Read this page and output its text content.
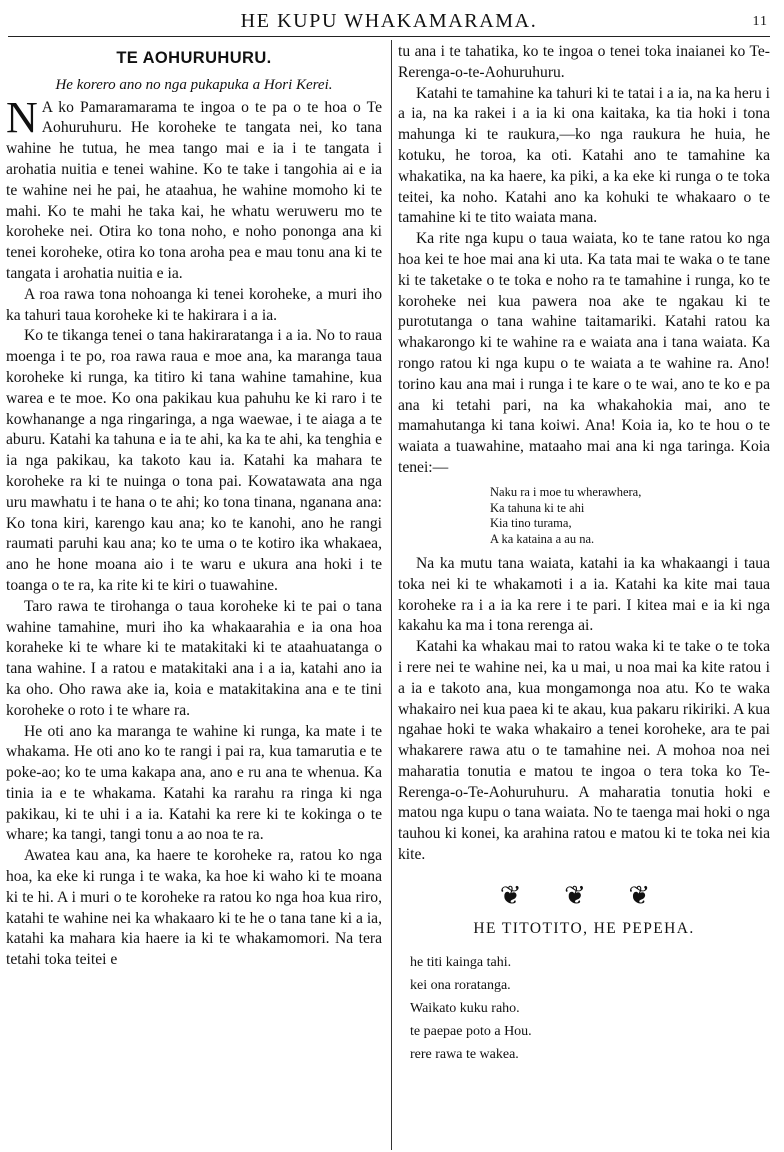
HE KUPU WHAKAMARAMA.	11
TE AOHURUHURU.
He korero ano no nga pukapuka a Hori Kerei.

N A ko Pamaramarama te ingoa o te pa o te hoa o Te Aohuruhuru. He koroheke te tangata nei, ko tana wahine he tutua, he mea tango mai e ia i te tangata i arohatia nuitia e tenei wahine. Ko te take i tangohia ai e ia te wahine nei he pai, he ataahua, he wahine momoho ki te mahi. Ko te mahi he taka kai, he whatu weruweru mo te koroheke nei. Otira ko tona noho, e noho pononga ana ki tenei koroheke, otira ko tona aroha pea e mau tonu ana ki te tangata i arohatia nuitia e ia.

A roa rawa tona nohoanga ki tenei koroheke, a muri iho ka tahuri taua koroheke ki te hakirara i a ia.

Ko te tikanga tenei o tana hakiraratanga i a ia. No to raua moenga i te po, roa rawa raua e moe ana, ka maranga taua koroheke ki runga, ka titiro ki tana wahine tamahine, kua warea e te moe. Ko ona pakikau kua pahuhu ke ki raro i te kowhanange a nga ringaringa, a nga waewae, i te aiaga a te aburu. Katahi ka tahuna e ia te ahi, ka ka te ahi, ka tenghia e ia nga pakikau, ka takoto kau ia. Katahi ka mahara te koroheke ra ki te nuinga o tona pai. Kowatawata ana nga uru mawhatu i te hana o te ahi; ko tona tinana, nganana ana: Ko tona kiri, karengo kau ana; ko te kanohi, ano he rangi raumati paruhi kau ana; ko te uma o te kotiro ika whakaea, ano he hone moana aio i te waru e ukura ana hoki i te toanga o te ra, ka rite ki te kiri o tuawahine.

Taro rawa te tirohanga o taua koroheke ki te pai o tana wahine tamahine, muri iho ka whakaarahia e ia ona hoa koraheke ki te whare ki te matakitaki ki te ataahuatanga o tana wahine. I a ratou e matakitaki ana i a ia, katahi ano ia ka oho. Oho rawa ake ia, koia e matakitakina ana e te tini koroheke o roto i te whare ra.

He oti ano ka maranga te wahine ki runga, ka mate i te whakama. He oti ano ko te rangi i pai ra, kua tamarutia e te poke-ao; ko te uma kakapa ana, ano e ru ana te whenua. Ka tinia ia e te whakama. Katahi ka rarahu ra ringa ki nga pakikau, ki te uhi i a ia. Katahi ka rere ki te kokinga o te whare; ka tangi, tangi tonu a ao noa te ra.

Awatea kau ana, ka haere te koroheke ra, ratou ko nga hoa, ka eke ki runga i te waka, ka hoe ki waho ki te moana ki te hi. A i muri o te koroheke ra ratou ko nga hoa kua riro, katahi te wahine nei ka whakaaro ki te he o tana tane ki a ia, katahi ka mahara kia haere ia ki te whakamomori. Na tera tetahi toka teitei e

tu ana i te tahatika, ko te ingoa o tenei toka inaianei ko Te-Rerenga-o-te-Aohuruhuru.

Katahi te tamahine ka tahuri ki te tatai i a ia, na ka heru i a ia, na ka rakei i a ia ki ona kaitaka, ka tia hoki i tona mahunga ki te raukura,—ko nga raukura he huia, he kotuku, he toroa, ka oti. Katahi ano te tamahine ka whakatika, na ka haere, ka piki, a ka eke ki runga o te toka teitei, ka noho. Katahi ano ka kohuki te whakaaro o te tamahine ki te tito waiata mana.

Ka rite nga kupu o taua waiata, ko te tane ratou ko nga hoa kei te hoe mai ana ki uta. Ka tata mai te waka o te tane ki te taketake o te toka e noho ra te tamahine i runga, ko te koroheke nei kua pawera noa ake te ngakau ki te purotutanga o tana wahine taitamariki. Katahi ratou ka whakarongo ki te wahine ra e waiata ana i tana waiata. Ka rongo ratou ki nga kupu o te waiata a te wahine ra. Ano! torino kau ana mai i runga i te kare o te wai, ano te ko e pa ana ki tetahi pari, na ka whakahokia mai, ano te mamahutanga ki tana koiwi. Ana! Koia ia, ko te hou o te waiata a tuawahine, mataaho mai ana ki nga taringa. Koia tenei:—

Naku ra i moe tu wherawhera,
Ka tahuna ki te ahi
Kia tino turama,
A ka kataina a au na.

Na ka mutu tana waiata, katahi ia ka whakaangi i taua toka nei ki te whakamoti i a ia. Katahi ka kite mai taua koroheke ra i a ia ka rere i te pari. I kitea mai e ia ki nga kakahu ka ma i tona rerenga ai.

Katahi ka whakau mai to ratou waka ki te take o te toka i rere nei te wahine nei, ka u mai, u noa mai ka kite ratou i a ia e takoto ana, kua mongamonga noa atu. Ko te waka whakairo nei kua paea ki te akau, kua pakaru rikiriki. A kua ngahae hoki te waka whakairo a tenei koroheke, ara te pai whakarere rawa atu o te tamahine nei. A mohoa noa nei maharatia tonutia e matou te ingoa o tera toka ko Te-Rerenga-o-Te-Aohuruhuru. A maharatia tonutia hoki e matou nga kupu o tana waiata. No te taenga mai hoki o nga tauhou ki konei, ka arahina ratou e matou ki te toka nei kia kite.

❦ ❦ ❦
HE TITOTITO, HE PEPEHA.
he titi kainga tahi.
kei ona roratanga.
Waikato kuku raho.
te paepae poto a Hou.
rere rawa te wakea.
